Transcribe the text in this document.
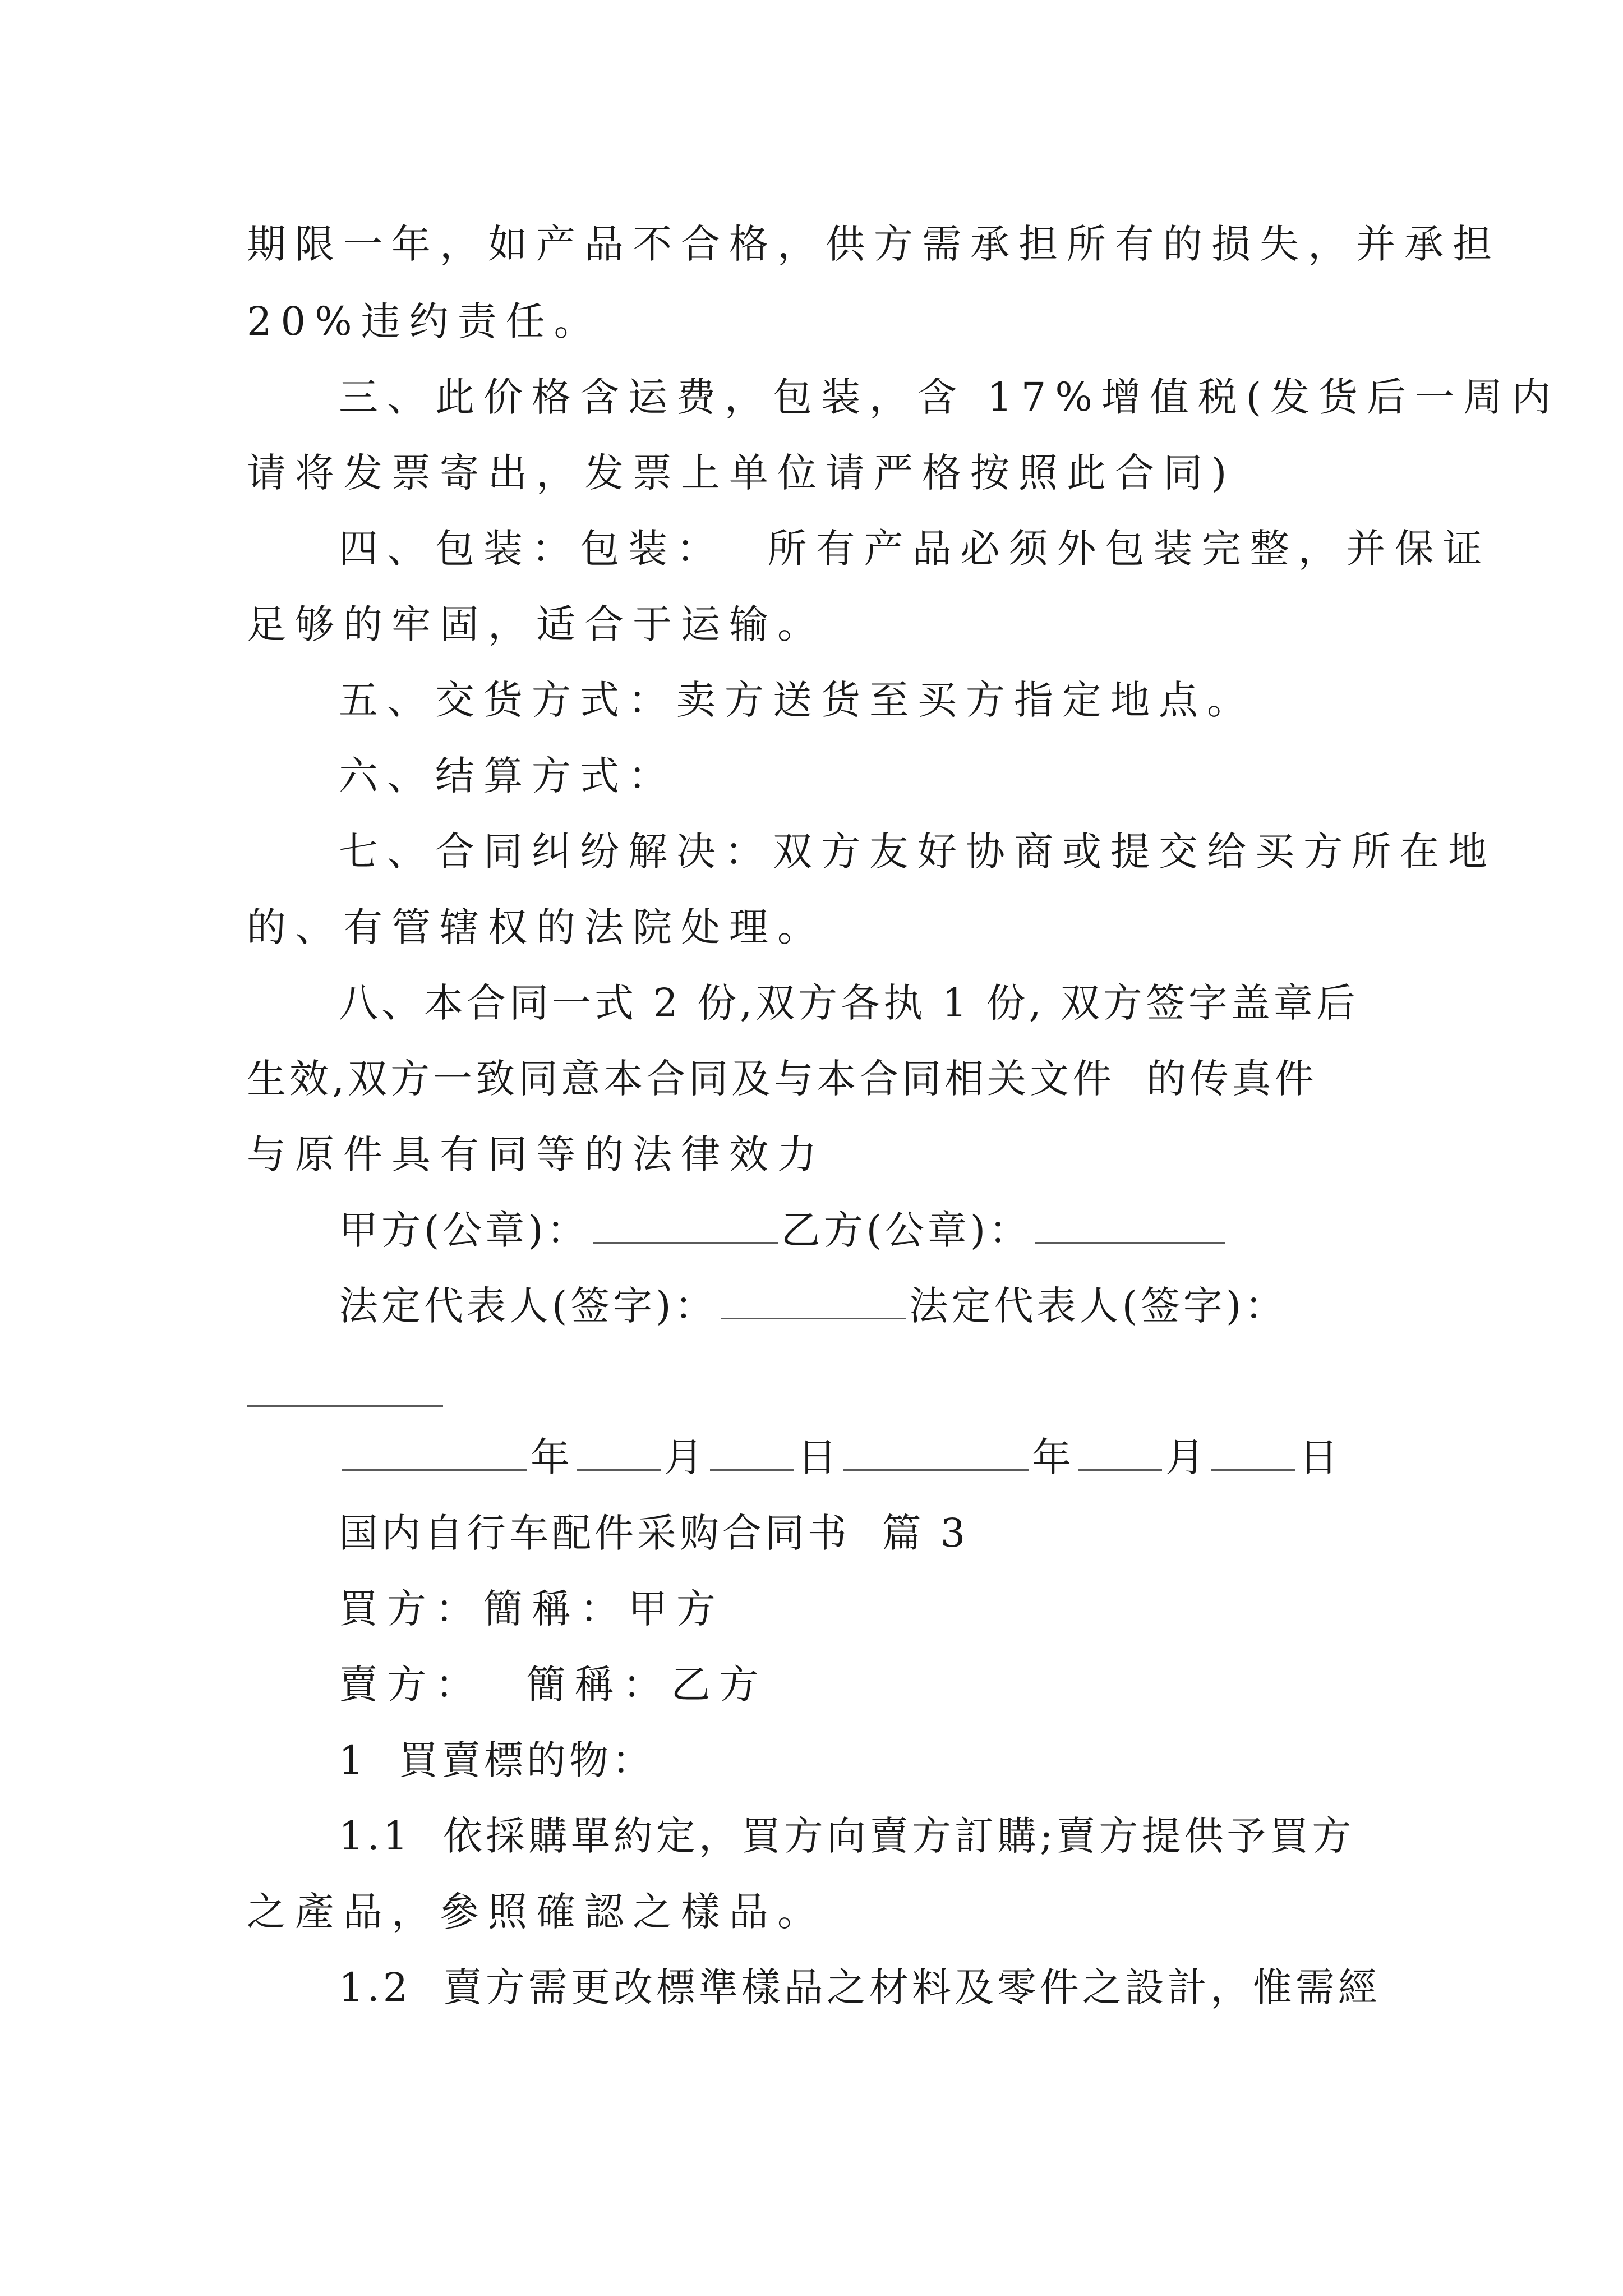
期限一年，如产品不合格，供方需承担所有的损失，并承担

20%违约责任。

三、此价格含运费，包装，含 17%增值税(发货后一周内

请将发票寄出，发票上单位请严格按照此合同)

四、包装：包装：  所有产品必须外包装完整，并保证

足够的牢固，适合于运输。

五、交货方式：卖方送货至买方指定地点。

六、结算方式：

七、合同纠纷解决：双方友好协商或提交给买方所在地

的、有管辖权的法院处理。

八、本合同一式 2 份,双方各执 1 份, 双方签字盖章后

生效,双方一致同意本合同及与本合同相关文件  的传真件

与原件具有同等的法律效力

甲方(公章)：	乙方(公章)：

法定代表人(签字)：	法定代表人(签字)：

年 月 日	年 月 日

国内自行车配件采购合同书  篇 3

買方：簡稱：甲方

賣方：  簡稱：乙方

1  買賣標的物：

1.1  依採購單約定，買方向賣方訂購;賣方提供予買方

之產品，參照確認之樣品。

1.2  賣方需更改標準樣品之材料及零件之設計，惟需經
